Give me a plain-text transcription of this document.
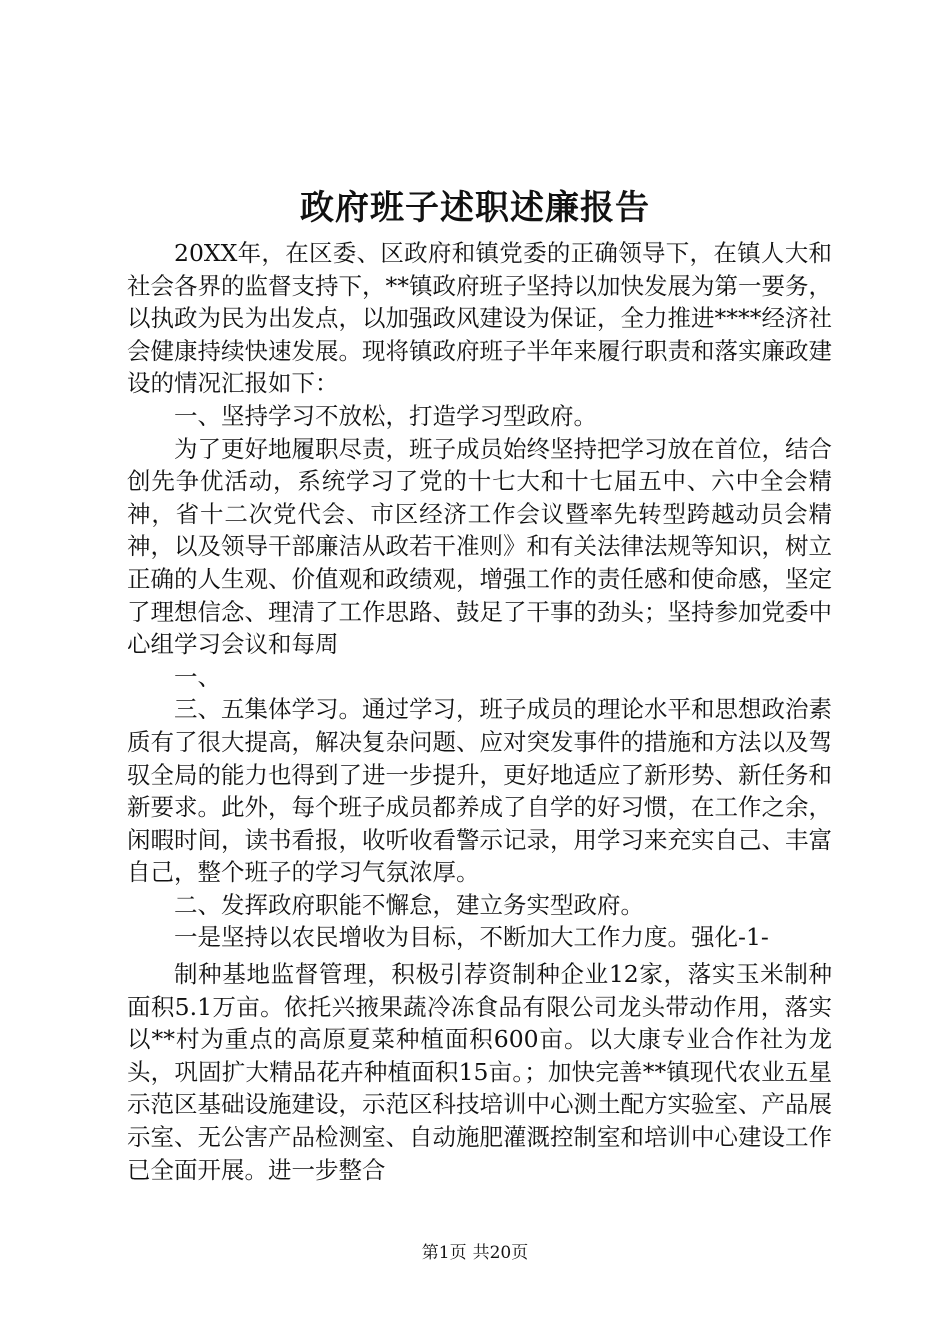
政府班子述职述廉报告

20XX年，在区委、区政府和镇党委的正确领导下，在镇人大和社会各界的监督支持下，**镇政府班子坚持以加快发展为第一要务，以执政为民为出发点，以加强政风建设为保证，全力推进****经济社会健康持续快速发展。现将镇政府班子半年来履行职责和落实廉政建设的情况汇报如下：

一、坚持学习不放松，打造学习型政府。

为了更好地履职尽责，班子成员始终坚持把学习放在首位，结合创先争优活动，系统学习了党的十七大和十七届五中、六中全会精神，省十二次党代会、市区经济工作会议暨率先转型跨越动员会精神，以及领导干部廉洁从政若干准则》和有关法律法规等知识，树立正确的人生观、价值观和政绩观，增强工作的责任感和使命感，坚定了理想信念、理清了工作思路、鼓足了干事的劲头；坚持参加党委中心组学习会议和每周

一、

三、五集体学习。通过学习，班子成员的理论水平和思想政治素质有了很大提高，解决复杂问题、应对突发事件的措施和方法以及驾驭全局的能力也得到了进一步提升，更好地适应了新形势、新任务和新要求。此外，每个班子成员都养成了自学的好习惯，在工作之余，闲暇时间，读书看报，收听收看警示记录，用学习来充实自己、丰富自己，整个班子的学习气氛浓厚。

二、发挥政府职能不懈怠，建立务实型政府。

一是坚持以农民增收为目标，不断加大工作力度。强化-1-

制种基地监督管理，积极引荐资制种企业12家，落实玉米制种面积5.1万亩。依托兴掖果蔬冷冻食品有限公司龙头带动作用，落实以**村为重点的高原夏菜种植面积600亩。以大康专业合作社为龙头，巩固扩大精品花卉种植面积15亩。；加快完善**镇现代农业五星示范区基础设施建设，示范区科技培训中心测土配方实验室、产品展示室、无公害产品检测室、自动施肥灌溉控制室和培训中心建设工作已全面开展。进一步整合

第1页 共20页
